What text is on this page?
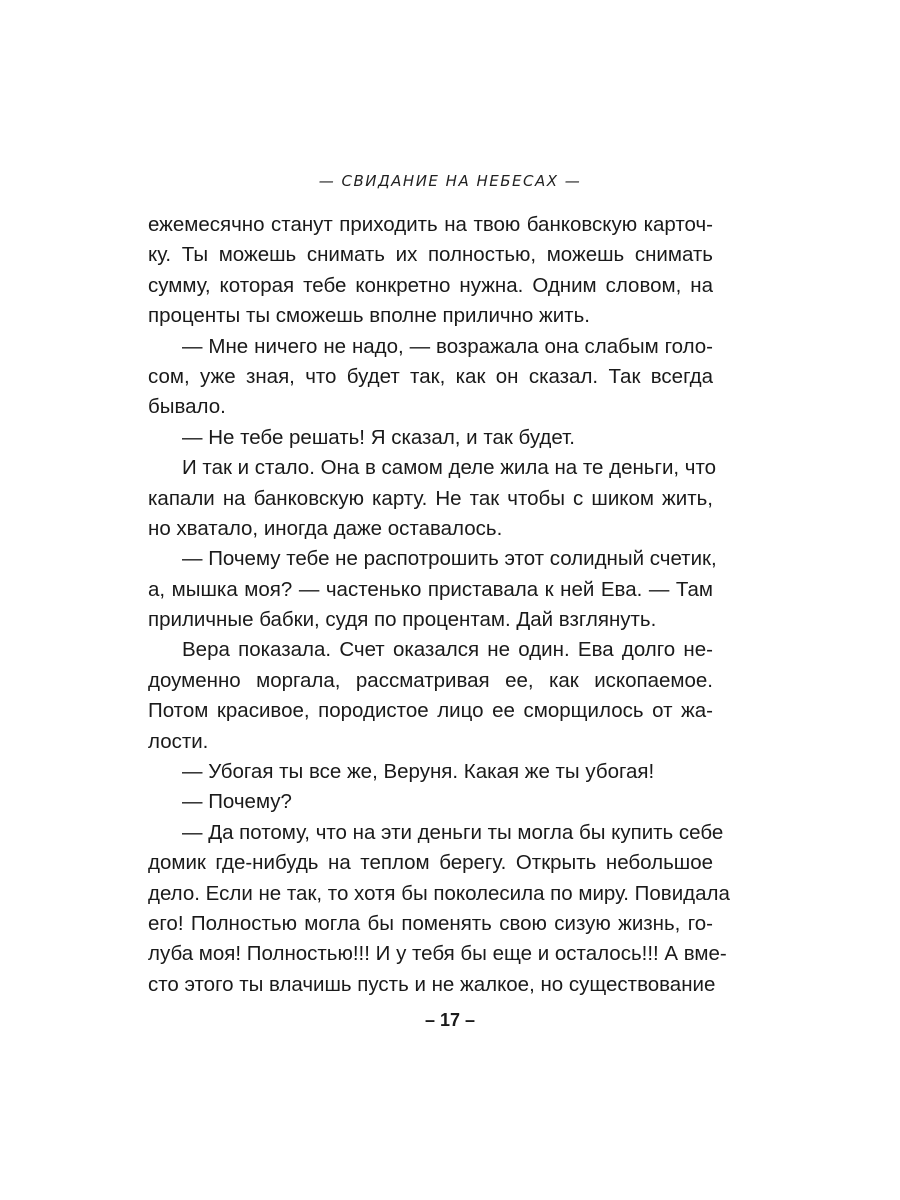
— СВИДАНИЕ НА НЕБЕСАХ —
ежемесячно станут приходить на твою банковскую карточ-
ку. Ты можешь снимать их полностью, можешь снимать
сумму, которая тебе конкретно нужна. Одним словом, на
проценты ты сможешь вполне прилично жить.
— Мне ничего не надо, — возражала она слабым голо-
сом, уже зная, что будет так, как он сказал. Так всегда
бывало.
— Не тебе решать! Я сказал, и так будет.
И так и стало. Она в самом деле жила на те деньги, что
капали на банковскую карту. Не так чтобы с шиком жить,
но хватало, иногда даже оставалось.
— Почему тебе не распотрошить этот солидный счетик,
а, мышка моя? — частенько приставала к ней Ева. — Там
приличные бабки, судя по процентам. Дай взглянуть.
Вера показала. Счет оказался не один. Ева долго не-
доуменно моргала, рассматривая ее, как ископаемое.
Потом красивое, породистое лицо ее сморщилось от жа-
лости.
— Убогая ты все же, Веруня. Какая же ты убогая!
— Почему?
— Да потому, что на эти деньги ты могла бы купить себе
домик где-нибудь на теплом берегу. Открыть небольшое
дело. Если не так, то хотя бы поколесила по миру. Повидала
его! Полностью могла бы поменять свою сизую жизнь, го-
луба моя! Полностью!!! И у тебя бы еще и осталось!!! А вме-
сто этого ты влачишь пусть и не жалкое, но существование
– 17 –
